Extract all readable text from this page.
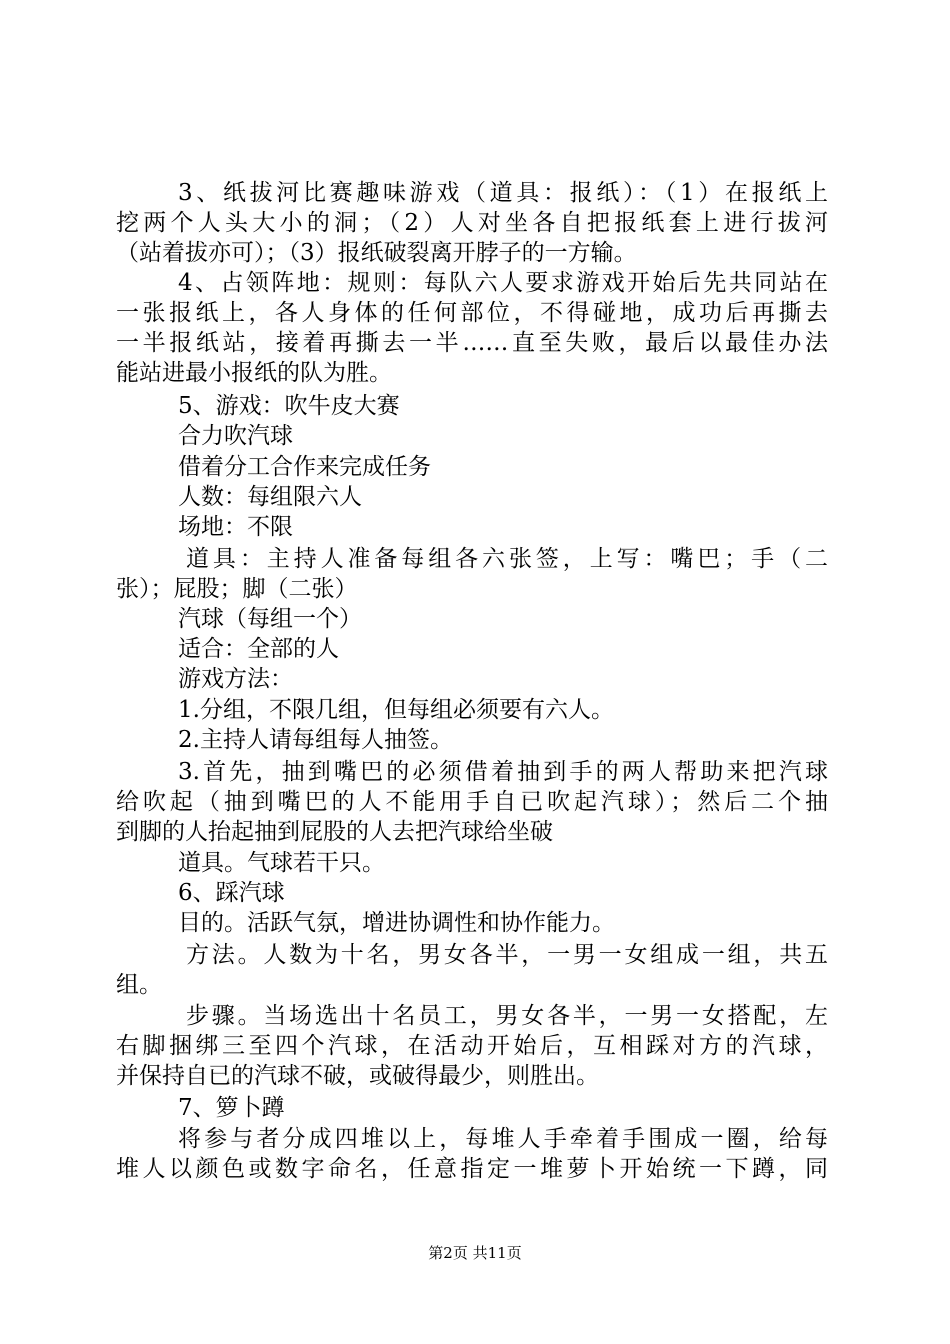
3、纸拔河比赛趣味游戏（道具：报纸）：（1）在报纸上
挖两个人头大小的洞；（2）人对坐各自把报纸套上进行拔河
（站着拔亦可）；（3）报纸破裂离开脖子的一方输。
4、占领阵地：规则：每队六人要求游戏开始后先共同站在
一张报纸上，各人身体的任何部位，不得碰地，成功后再撕去
一半报纸站，接着再撕去一半……直至失败，最后以最佳办法
能站进最小报纸的队为胜。
5、游戏：吹牛皮大赛
合力吹汽球
借着分工合作来完成任务
人数：每组限六人
场地：不限
道具：主持人准备每组各六张签，上写：嘴巴；手（二
张）；屁股；脚（二张）
汽球（每组一个）
适合：全部的人
游戏方法：
1.分组，不限几组，但每组必须要有六人。
2.主持人请每组每人抽签。
3.首先，抽到嘴巴的必须借着抽到手的两人帮助来把汽球
给吹起（抽到嘴巴的人不能用手自已吹起汽球）；然后二个抽
到脚的人抬起抽到屁股的人去把汽球给坐破
道具。气球若干只。
6、踩汽球
目的。活跃气氛，增进协调性和协作能力。
方法。人数为十名，男女各半，一男一女组成一组，共五
组。
步骤。当场选出十名员工，男女各半，一男一女搭配，左
右脚捆绑三至四个汽球，在活动开始后，互相踩对方的汽球，
并保持自已的汽球不破，或破得最少，则胜出。
7、箩卜蹲
将参与者分成四堆以上，每堆人手牵着手围成一圈，给每
堆人以颜色或数字命名，任意指定一堆萝卜开始统一下蹲，同
第2页 共11页
